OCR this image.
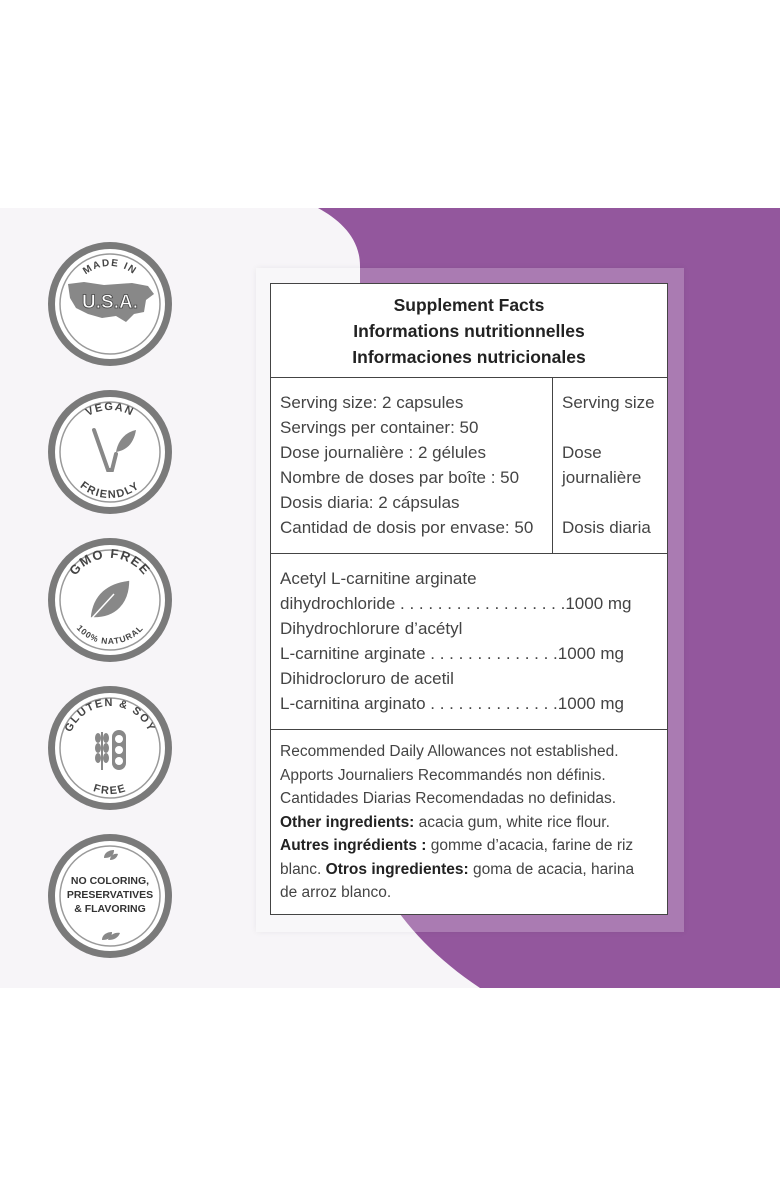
MADE IN
U.S.A.
VEGAN
FRIENDLY
GMO FREE
100% NATURAL
GLUTEN & SOY
FREE
NO COLORING,
PRESERVATIVES
& FLAVORING
Supplement Facts
Informations nutritionnelles
Informaciones nutricionales
Serving size: 2 capsules
Servings per container: 50
Dose journalière : 2 gélules
Nombre de doses par boîte : 50
Dosis diaria: 2 cápsulas
Cantidad de dosis por envase: 50
Serving size
Dose
journalière
Dosis diaria
Acetyl L-carnitine arginate
dihydrochloride . . . . . . . . . . . . . . . . . .1000 mg
Dihydrochlorure d’acétyl
L-carnitine arginate . . . . . . . . . . . . . .1000 mg
Dihidrocloruro de acetil
L-carnitina arginato . . . . . . . . . . . . . .1000 mg
Recommended Daily Allowances not established.
Apports Journaliers Recommandés non définis.
Cantidades Diarias Recomendadas no definidas.
Other ingredients: acacia gum, white rice flour.
Autres ingrédients : gomme d’acacia, farine de riz
blanc. Otros ingredientes: goma de acacia, harina
de arroz blanco.
